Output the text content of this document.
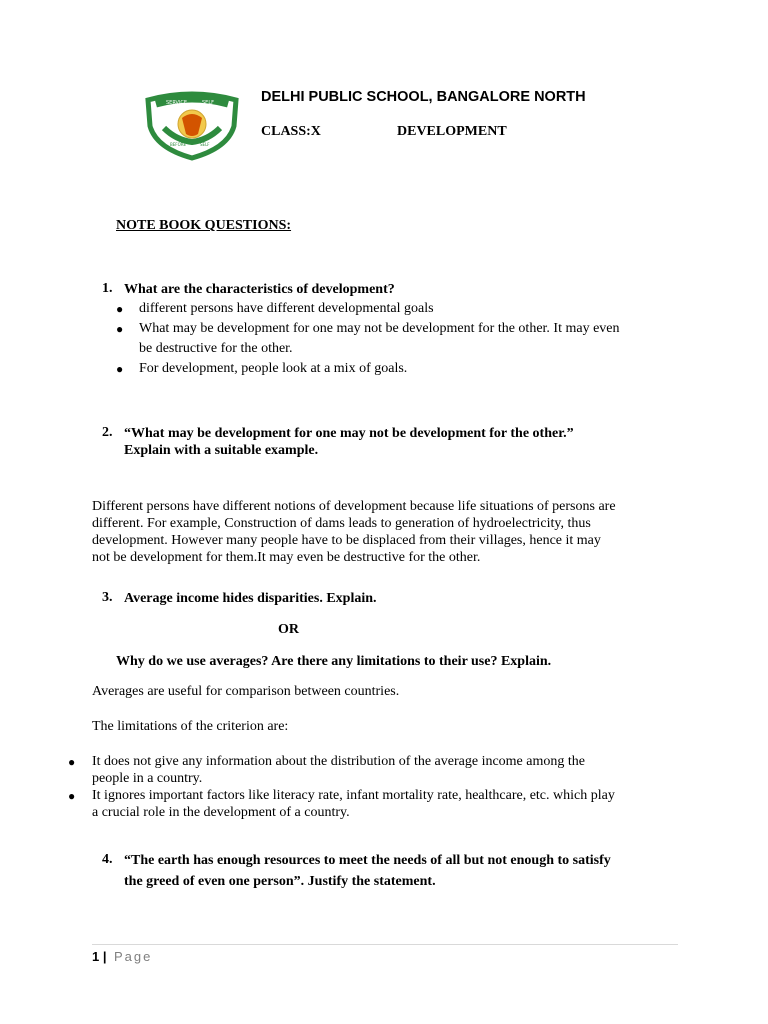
SERVICE	SELF
BEFORE	SELF
DELHI PUBLIC SCHOOL, BANGALORE NORTH
CLASS:X	DEVELOPMENT
NOTE BOOK QUESTIONS:
1. What are the characteristics of development?
● different persons have different developmental goals
● What may be development for one may not be development for the other. It may even
be destructive for the other.
● For development, people look at a mix of goals.
2. “What may be development for one may not be development for the other.”
Explain with a suitable example.
Different persons have different notions of development because life situations of persons are
different. For example, Construction of dams leads to generation of hydroelectricity, thus
development. However many people have to be displaced from their villages, hence it may
not be development for them.It may even be destructive for the other.
3. Average income hides disparities. Explain.
OR
Why do we use averages? Are there any limitations to their use? Explain.
Averages are useful for comparison between countries.
The limitations of the criterion are:
● It does not give any information about the distribution of the average income among the
people in a country.
● It ignores important factors like literacy rate, infant mortality rate, healthcare, etc. which play
a crucial role in the development of a country.
4. “The earth has enough resources to meet the needs of all but not enough to satisfy
the greed of even one person”. Justify the statement.
1 | Page
